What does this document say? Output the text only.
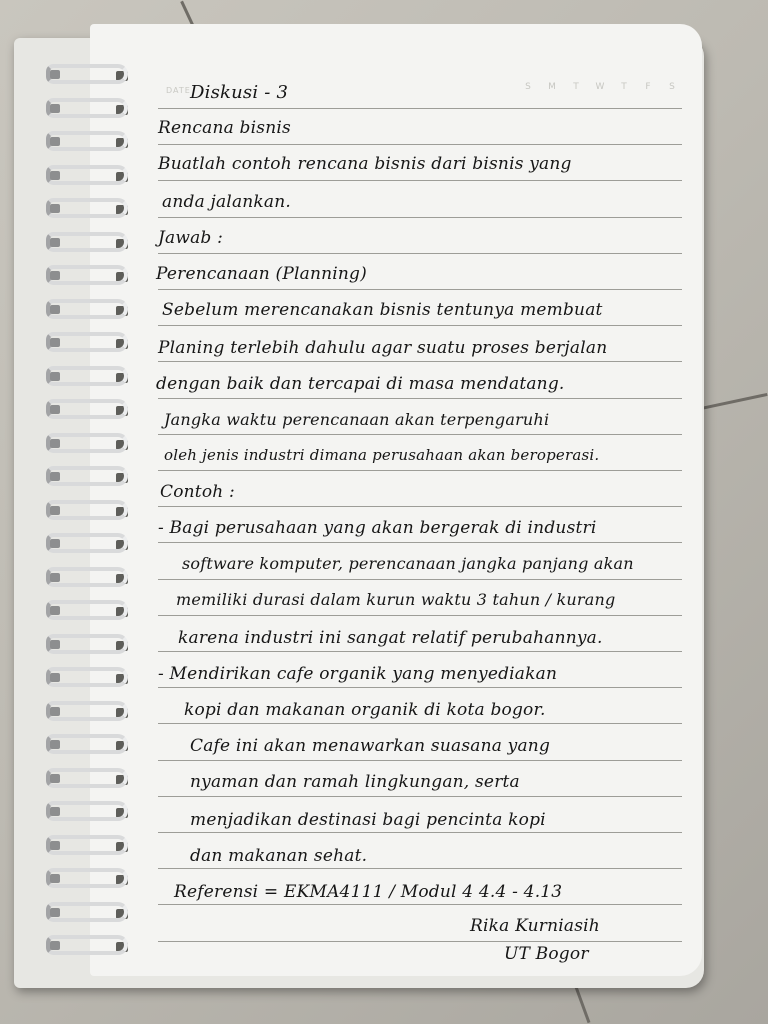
DATE	S	M	T	W	T	F	S
Diskusi - 3
Rencana bisnis
Buatlah contoh rencana bisnis dari bisnis yang
anda jalankan.
Jawab :
Perencanaan (Planning)
Sebelum merencanakan bisnis tentunya membuat
Planing terlebih dahulu agar suatu proses berjalan
dengan baik dan tercapai di masa mendatang.
Jangka waktu perencanaan akan terpengaruhi
oleh jenis industri dimana perusahaan akan beroperasi.
Contoh :
- Bagi perusahaan yang akan bergerak di industri
software komputer, perencanaan jangka panjang akan
memiliki durasi dalam kurun waktu 3 tahun / kurang
karena industri ini sangat relatif perubahannya.
- Mendirikan cafe organik yang menyediakan
kopi dan makanan organik di kota bogor.
Cafe ini akan menawarkan suasana yang
nyaman dan ramah lingkungan, serta
menjadikan destinasi bagi pencinta kopi
dan makanan sehat.
Referensi = EKMA4111 / Modul 4 4.4 - 4.13
Rika Kurniasih
UT Bogor
